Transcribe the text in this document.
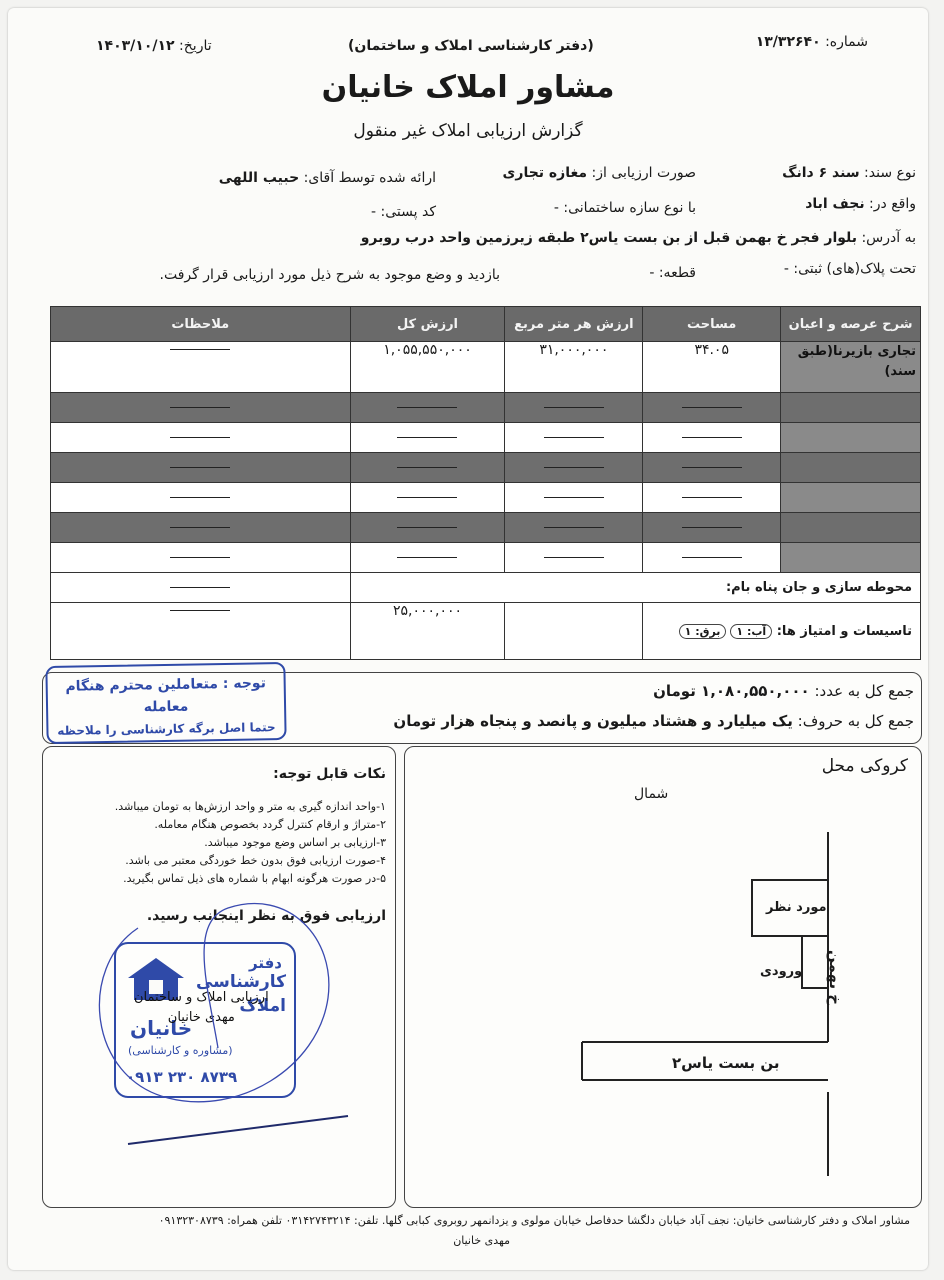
شماره: ۱۳/۳۲۶۴۰
(دفتر کارشناسی املاک و ساختمان)
تاریخ: ۱۴۰۳/۱۰/۱۲
مشاور املاک خانیان
گزارش ارزیابی املاک غیر منقول
نوع سند: سند ۶ دانگ
صورت ارزیابی از: مغازه تجاری
ارائه شده توسط آقای: حبیب اللهی
واقع در: نجف اباد
با نوع سازه ساختمانی: -
کد پستی: -
به آدرس: بلوار فجر خ بهمن قبل از بن بست یاس۲ طبقه زیرزمین واحد درب روبرو
تحت پلاک(های) ثبتی: -
قطعه: -
بازدید و وضع موجود به شرح ذیل مورد ارزیابی قرار گرفت.
شرح عرصه و اعیان	مساحت	ارزش هر متر مربع	ارزش کل	ملاحظات
تجاری بازیرنا(طبق سند)	۳۴.۰۵	۳۱,۰۰۰,۰۰۰	۱,۰۵۵,۵۵۰,۰۰۰	

محوطه سازی و جان پناه بام:				
تاسیسات و امتیاز ها: آب: ۱برق: ۱			۲۵,۰۰۰,۰۰۰	
جمع کل به عدد: ۱,۰۸۰,۵۵۰,۰۰۰ تومان
جمع کل به حروف: یک میلیارد و هشتاد میلیون و پانصد و پنجاه هزار تومان
توجه : متعاملین محترم هنگام معامله
حتما اصل برگه کارشناسی را ملاحظه
نکات قابل توجه:
۱-واحد اندازه گیری به متر و واحد ارزش‌ها به تومان میباشد.
۲-متراژ و ارقام کنترل گردد بخصوص هنگام معامله.
۳-ارزیابی بر اساس وضع موجود میباشد.
۴-صورت ارزیابی فوق بدون خط خوردگی معتبر می باشد.
۵-در صورت هرگونه ابهام با شماره های ذیل تماس بگیرید.
ارزیابی فوق به نظر اینجانب رسید.
دفتر
کارشناسی
املاک
خانیان
(مشاوره و کارشناسی)
۰۹۱۳ ۲۳۰ ۸۷۳۹
ارزیابی املاک و ساختمان
مهدی خانیان
کروکی محل
شمال
مورد نظر
ورودی خ بهمن
بن بست یاس۲
مشاور املاک و دفتر کارشناسی خانیان: نجف آباد خیابان دلگشا حدفاصل خیابان مولوی و یزدانمهر روبروی کبابی گلها. تلفن: ۰۳۱۴۲۷۴۳۲۱۴ تلفن همراه: ۰۹۱۳۲۳۰۸۷۳۹
مهدی خانیان
